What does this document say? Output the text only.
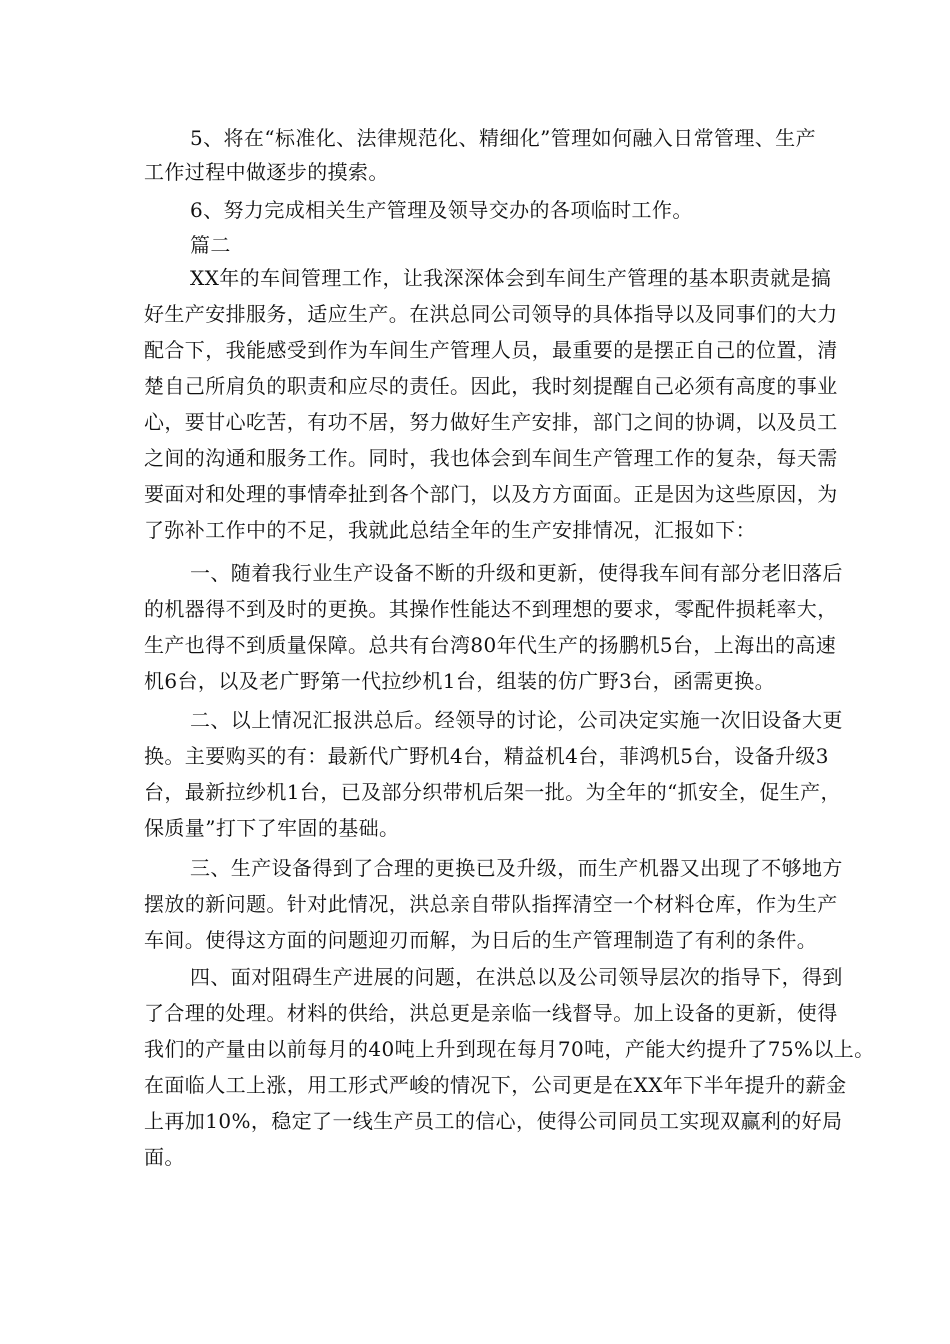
5、将在“标准化、法律规范化、精细化”管理如何融入日常管理、生产
工作过程中做逐步的摸索。
6、努力完成相关生产管理及领导交办的各项临时工作。
篇二
XX年的车间管理工作，让我深深体会到车间生产管理的基本职责就是搞
好生产安排服务，适应生产。在洪总同公司领导的具体指导以及同事们的大力
配合下，我能感受到作为车间生产管理人员，最重要的是摆正自己的位置，清
楚自己所肩负的职责和应尽的责任。因此，我时刻提醒自己必须有高度的事业
心，要甘心吃苦，有功不居，努力做好生产安排，部门之间的协调，以及员工
之间的沟通和服务工作。同时，我也体会到车间生产管理工作的复杂，每天需
要面对和处理的事情牵扯到各个部门，以及方方面面。正是因为这些原因，为
了弥补工作中的不足，我就此总结全年的生产安排情况，汇报如下：
一、随着我行业生产设备不断的升级和更新，使得我车间有部分老旧落后
的机器得不到及时的更换。其操作性能达不到理想的要求，零配件损耗率大，
生产也得不到质量保障。总共有台湾80年代生产的扬鹏机5台，上海出的高速
机6台，以及老广野第一代拉纱机1台，组装的仿广野3台，函需更换。
二、以上情况汇报洪总后。经领导的讨论，公司决定实施一次旧设备大更
换。主要购买的有：最新代广野机4台，精益机4台，菲鸿机5台，设备升级3
台，最新拉纱机1台，已及部分织带机后架一批。为全年的“抓安全，促生产，
保质量”打下了牢固的基础。
三、生产设备得到了合理的更换已及升级，而生产机器又出现了不够地方
摆放的新问题。针对此情况，洪总亲自带队指挥清空一个材料仓库，作为生产
车间。使得这方面的问题迎刃而解，为日后的生产管理制造了有利的条件。
四、面对阻碍生产进展的问题，在洪总以及公司领导层次的指导下，得到
了合理的处理。材料的供给，洪总更是亲临一线督导。加上设备的更新，使得
我们的产量由以前每月的40吨上升到现在每月70吨，产能大约提升了75%以上。
在面临人工上涨，用工形式严峻的情况下，公司更是在XX年下半年提升的薪金
上再加10%，稳定了一线生产员工的信心，使得公司同员工实现双赢利的好局
面。
